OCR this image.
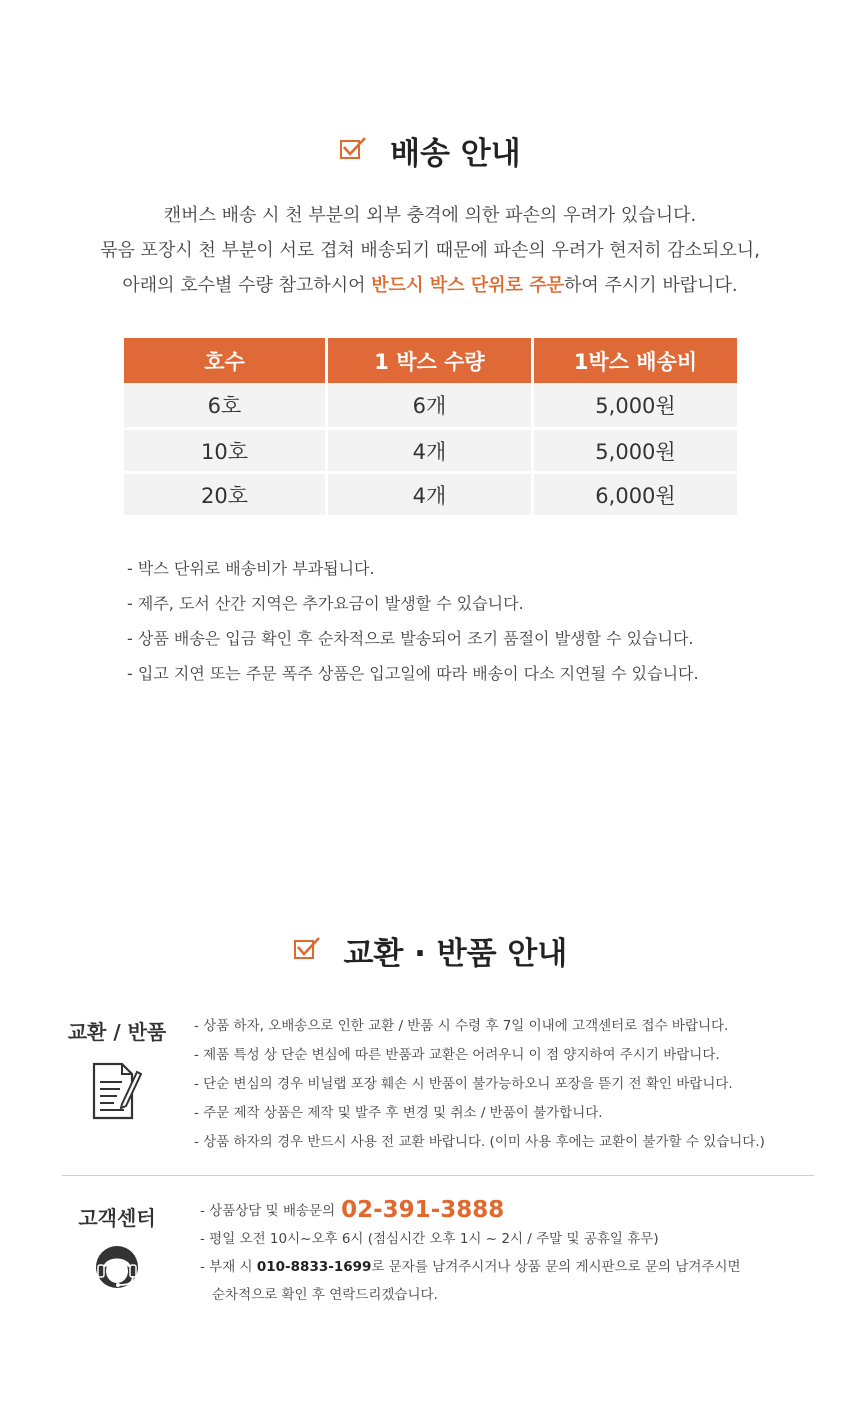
배송 안내
캔버스 배송 시 천 부분의 외부 충격에 의한 파손의 우려가 있습니다.
묶음 포장시 천 부분이 서로 겹쳐 배송되기 때문에 파손의 우려가 현저히 감소되오니,
아래의 호수별 수량 참고하시어 반드시 박스 단위로 주문하여 주시기 바랍니다.
호수	1 박스 수량	1박스 배송비
6호	6개	5,000원
10호	4개	5,000원
20호	4개	6,000원
- 박스 단위로 배송비가 부과됩니다.
- 제주, 도서 산간 지역은 추가요금이 발생할 수 있습니다.
- 상품 배송은 입금 확인 후 순차적으로 발송되어 조기 품절이 발생할 수 있습니다.
- 입고 지연 또는 주문 폭주 상품은 입고일에 따라 배송이 다소 지연될 수 있습니다.
교환 · 반품 안내
교환 / 반품	- 상품 하자, 오배송으로 인한 교환 / 반품 시 수령 후 7일 이내에 고객센터로 접수 바랍니다.
- 제품 특성 상 단순 변심에 따른 반품과 교환은 어려우니 이 점 양지하여 주시기 바랍니다.
- 단순 변심의 경우 비닐랩 포장 훼손 시 반품이 불가능하오니 포장을 뜯기 전 확인 바랍니다.
- 주문 제작 상품은 제작 및 발주 후 변경 및 취소 / 반품이 불가합니다.
- 상품 하자의 경우 반드시 사용 전 교환 바랍니다. (이미 사용 후에는 교환이 불가할 수 있습니다.)
고객센터	- 상품상담 및 배송문의 02-391-3888
- 평일 오전 10시~오후 6시 (점심시간 오후 1시 ~ 2시 / 주말 및 공휴일 휴무)
- 부재 시 010-8833-1699로 문자를 남겨주시거나 상품 문의 게시판으로 문의 남겨주시면
순차적으로 확인 후 연락드리겠습니다.
